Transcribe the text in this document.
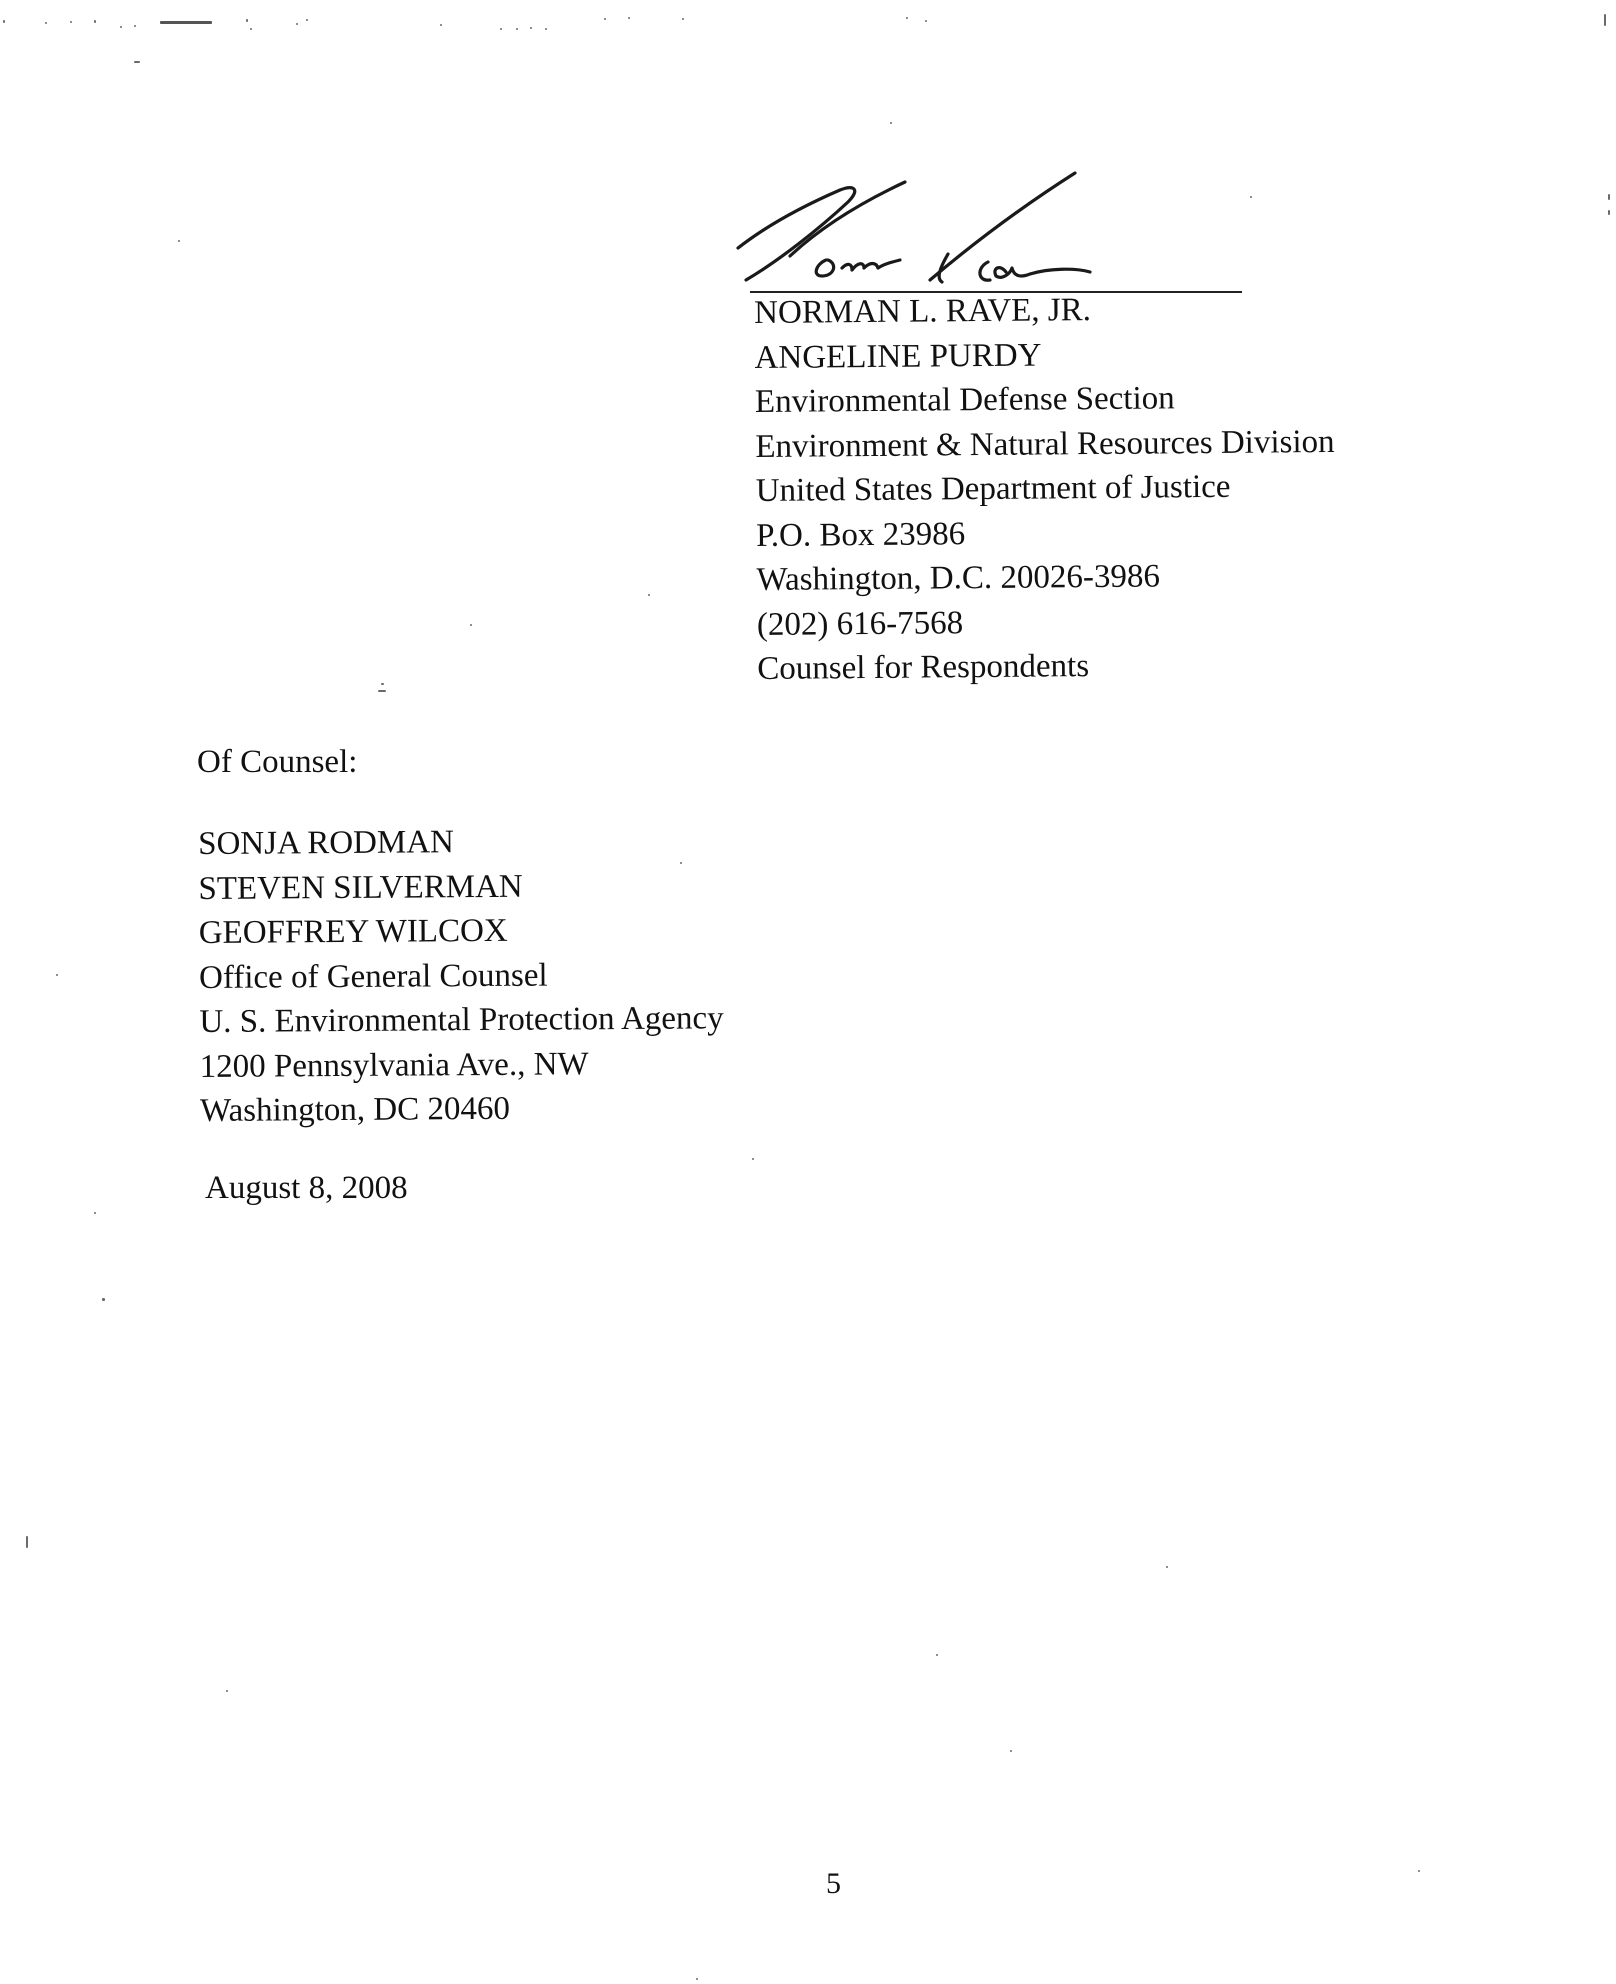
NORMAN L. RAVE, JR.
ANGELINE PURDY
Environmental Defense Section
Environment & Natural Resources Division
United States Department of Justice
P.O. Box 23986
Washington, D.C. 20026-3986
(202) 616-7568
Counsel for Respondents
Of Counsel:
SONJA RODMAN
STEVEN SILVERMAN
GEOFFREY WILCOX
Office of General Counsel
U. S. Environmental Protection Agency
1200 Pennsylvania Ave., NW
Washington, DC 20460
August 8, 2008
5
